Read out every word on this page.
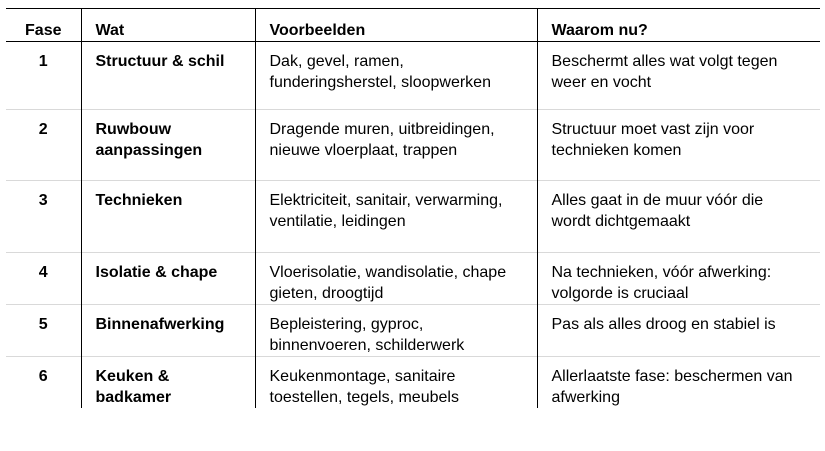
Fase	Wat	Voorbeelden	Waarom nu?
1	Structuur & schil	Dak, gevel, ramen, funderingsherstel, sloopwerken	Beschermt alles wat volgt tegen weer en vocht
2	Ruwbouw aanpassingen	Dragende muren, uitbreidingen, nieuwe vloerplaat, trappen	Structuur moet vast zijn voor technieken komen
3	Technieken	Elektriciteit, sanitair, verwarming, ventilatie, leidingen	Alles gaat in de muur vóór die wordt dichtgemaakt
4	Isolatie & chape	Vloerisolatie, wandisolatie, chape gieten, droogtijd	Na technieken, vóór afwerking: volgorde is cruciaal
5	Binnenafwerking	Bepleistering, gyproc, binnenvoeren, schilderwerk	Pas als alles droog en stabiel is
6	Keuken & badkamer	Keukenmontage, sanitaire toestellen, tegels, meubels	Allerlaatste fase: beschermen van afwerking
